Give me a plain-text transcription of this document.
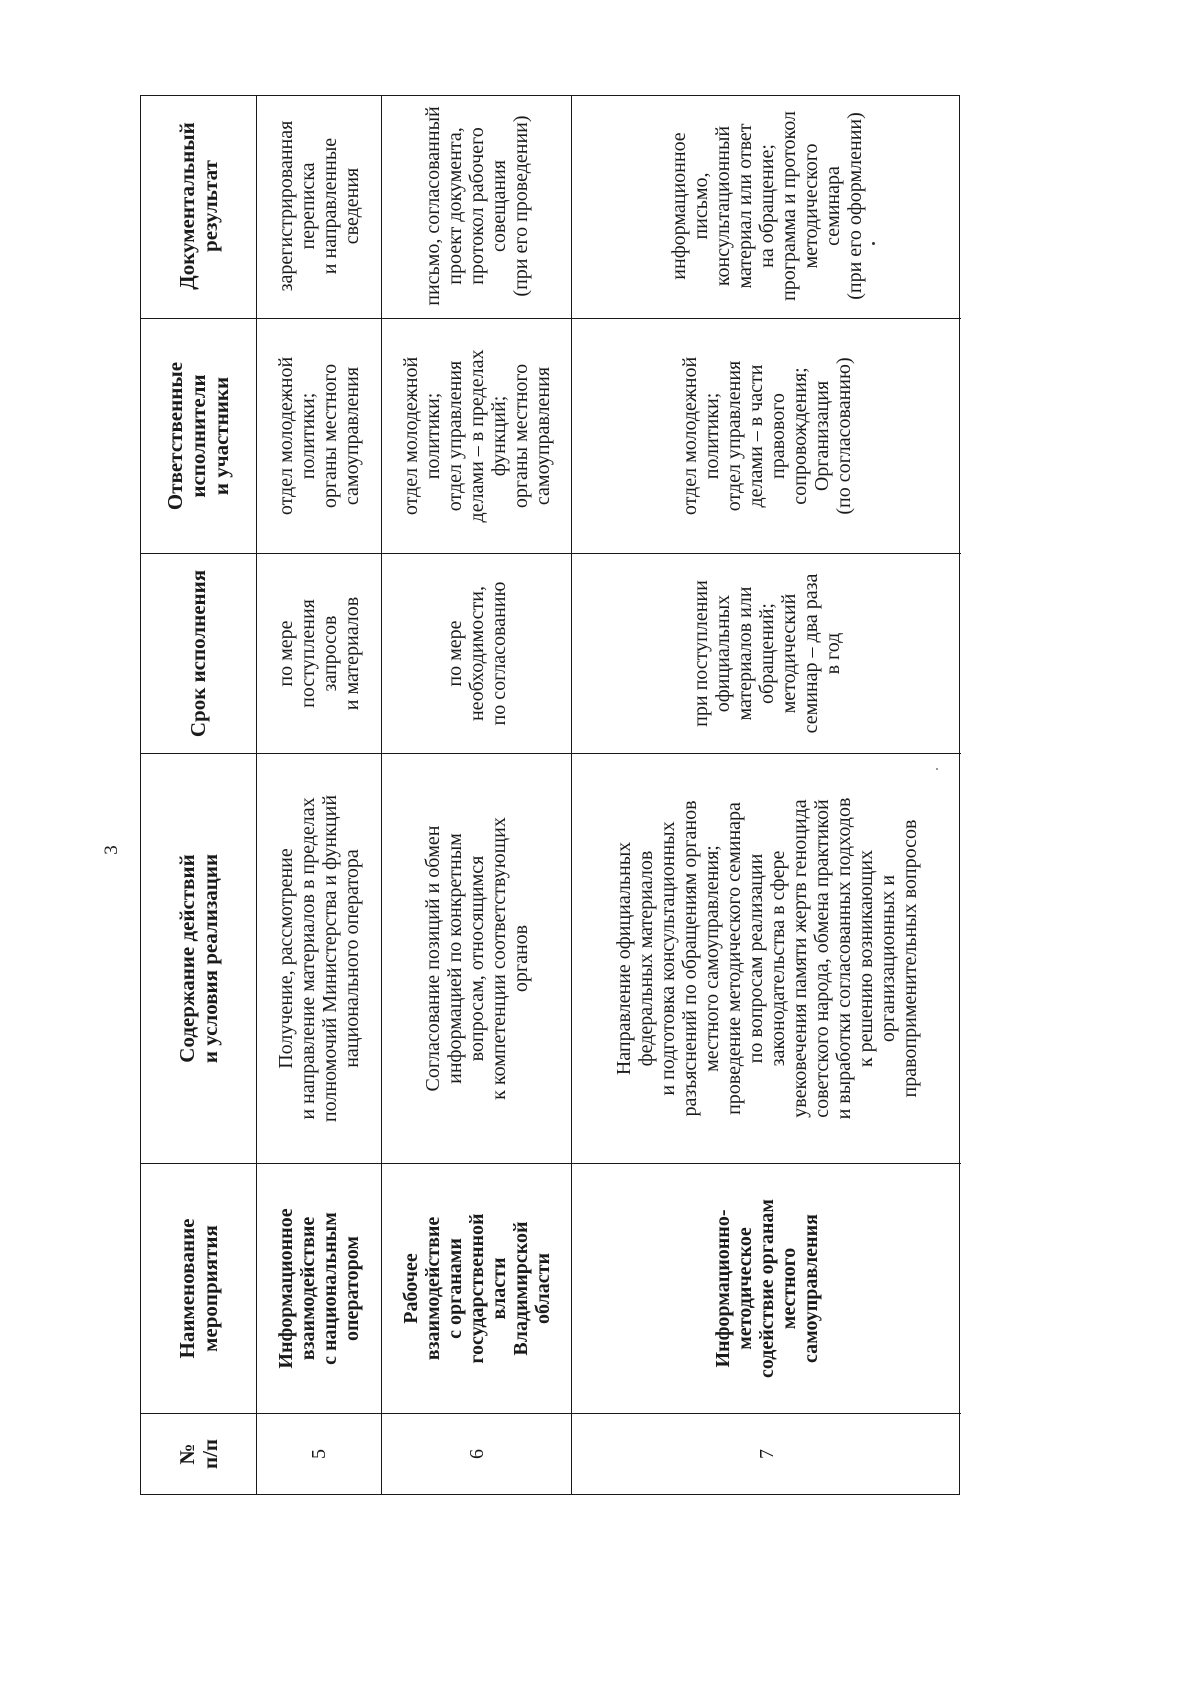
3
№
п/п
Наименование
мероприятия
Содержание действий
и условия реализации
Срок исполнения
Ответственные
исполнители
и участники
Документальный
результат
5
Информационное
взаимодействие
с национальным
оператором
Получение, рассмотрение
и направление материалов в пределах
полномочий Министерства и функций
национального оператора
по мере
поступления
запросов
и материалов
отдел молодежной
политики;
органы местного
самоуправления
зарегистрированная
переписка
и направленные сведения
6
Рабочее
взаимодействие
с органами
государственной
власти
Владимирской
области
Согласование позиций и обмен
информацией по конкретным
вопросам, относящимся
к компетенции соответствующих
органов
по мере
необходимости,
по согласованию
отдел молодежной
политики;
отдел управления
делами – в пределах
функций;
органы местного
самоуправления
письмо, согласованный
проект документа,
протокол рабочего
совещания
(при его проведении)
7
Информационно-
методическое
содействие органам
местного
самоуправления
Направление официальных
федеральных материалов
и подготовка консультационных
разъяснений по обращениям органов
местного самоуправления;
проведение методического семинара
по вопросам реализации
законодательства в сфере
увековечения памяти жертв геноцида
советского народа, обмена практикой
и выработки согласованных подходов
к решению возникающих
организационных и
правоприменительных вопросов
при поступлении
официальных
материалов или
обращений;
методический
семинар – два раза
в год
отдел молодежной
политики;
отдел управления
делами – в части
правового
сопровождения;
Организация
(по согласованию)
информационное письмо,
консультационный
материал или ответ
на обращение;
программа и протокол
методического семинара
(при его оформлении)
